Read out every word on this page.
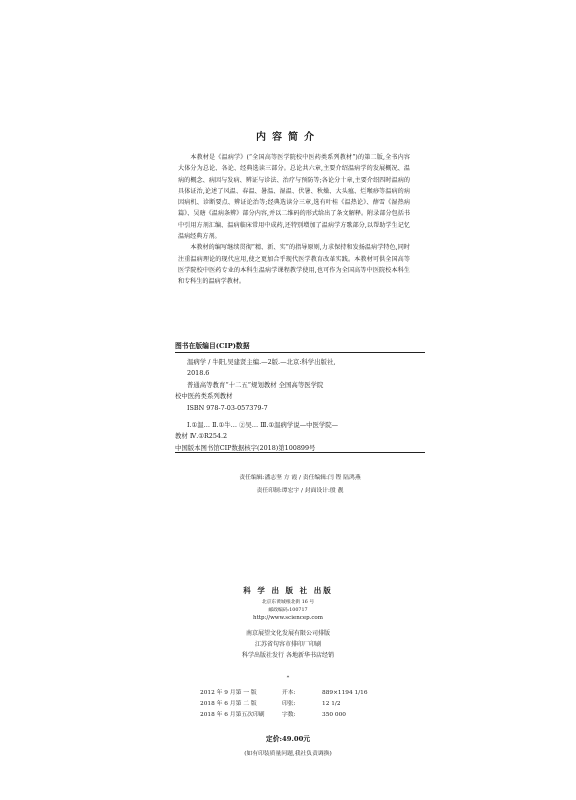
内容简介

本教材是《温病学》(“全国高等医学院校中医药类系列教材”)的第二版,全书内容大体分为总论、各论、经典选读三部分。总论共六章,主要介绍温病学的发展概况、温病的概念、病因与发病、辨证与诊法、治疗与预防等;各论分十章,主要介绍四时温病的具体证治,论述了风温、春温、暑温、湿温、伏暑、秋燥、大头瘟、烂喉痧等温病的病因病机、诊断要点、辨证论治等;经典选读分三章,选有叶桂《温热论》、薛雪《湿热病篇》、吴瑭《温病条辨》部分内容,并以二维码的形式给出了条文解释。附录部分包括书中引用方剂汇编、温病临床常用中成药,还特别增加了温病学方歌部分,以帮助学生记忆温病经典方剂。

本教材的编写继续贯彻“精、新、实”的指导原则,力求保持和发扬温病学特色,同时注重温病理论的现代应用,使之更加合乎现代医学教育改革实践。本教材可供全国高等医学院校中医药专业的本科生温病学课程教学使用,也可作为全国高等中医院校本科生和专科生的温病学教材。

图书在版编目(CIP)数据
温病学 / 牛阳,吴建贤主编.—2版.—北京:科学出版社,
2018.6
普通高等教育“十二五”规划教材 全国高等医学院
校中医药类系列教材
ISBN 978-7-03-057379-7
Ⅰ.①温… Ⅱ.①牛… ②吴… Ⅲ.①温病学说—中医学院—
教材 Ⅳ.①R254.2
中国版本图书馆CIP数据核字(2018)第100899号
责任编辑:潘志坚 方 霞 / 责任编辑:闫 铿 陆鸿燕
责任印制:谭宏宇 / 封面设计:殷 靓
科 学 出 版 社 出版
北京东黄城根北街 16 号
邮政编码:100717
http://www.sciencep.com
南京展望文化发展有限公司排版
江苏省句容市排印厂印刷
科学出版社发行 各地新华书店经销
*
2012 年 9 月第 一 版	开本:	889×1194 1/16
2018 年 6 月第 二 版	印张:	12 1/2
2018 年 6 月第五次印刷	字数:	350 000
定价:49.00元
(如有印装质量问题,我社负责调换)
